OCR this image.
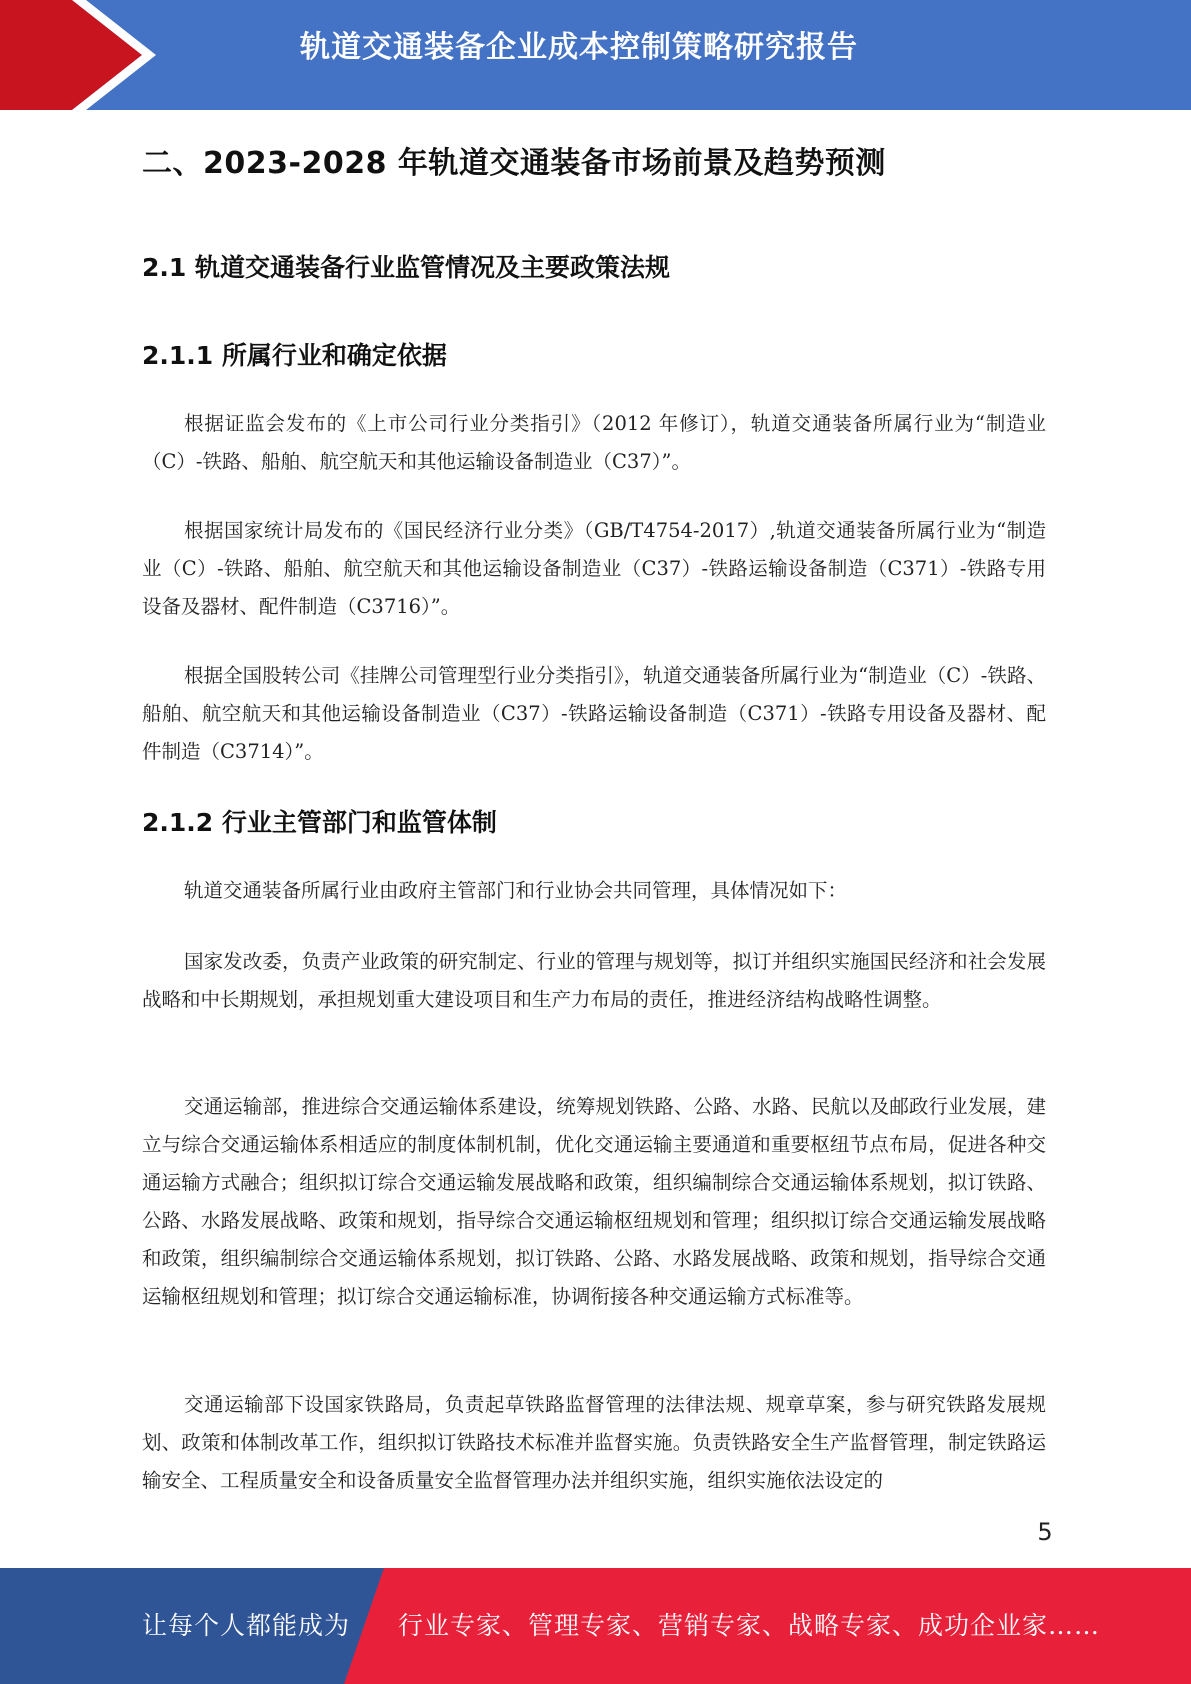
轨道交通装备企业成本控制策略研究报告
二、2023-2028 年轨道交通装备市场前景及趋势预测
2.1 轨道交通装备行业监管情况及主要政策法规
2.1.1 所属行业和确定依据
根据证监会发布的《上市公司行业分类指引》（2012 年修订），轨道交通装备所属行业为“制造业（C）-铁路、船舶、航空航天和其他运输设备制造业（C37）”。
根据国家统计局发布的《国民经济行业分类》（GB/T4754-2017）,轨道交通装备所属行业为“制造业（C）-铁路、船舶、航空航天和其他运输设备制造业（C37）-铁路运输设备制造（C371）-铁路专用设备及器材、配件制造（C3716）”。
根据全国股转公司《挂牌公司管理型行业分类指引》，轨道交通装备所属行业为“制造业（C）-铁路、船舶、航空航天和其他运输设备制造业（C37）-铁路运输设备制造（C371）-铁路专用设备及器材、配件制造（C3714）”。
2.1.2 行业主管部门和监管体制
轨道交通装备所属行业由政府主管部门和行业协会共同管理，具体情况如下：
国家发改委，负责产业政策的研究制定、行业的管理与规划等，拟订并组织实施国民经济和社会发展战略和中长期规划，承担规划重大建设项目和生产力布局的责任，推进经济结构战略性调整。
交通运输部，推进综合交通运输体系建设，统筹规划铁路、公路、水路、民航以及邮政行业发展，建立与综合交通运输体系相适应的制度体制机制，优化交通运输主要通道和重要枢纽节点布局，促进各种交通运输方式融合；组织拟订综合交通运输发展战略和政策，组织编制综合交通运输体系规划，拟订铁路、公路、水路发展战略、政策和规划，指导综合交通运输枢纽规划和管理；组织拟订综合交通运输发展战略和政策，组织编制综合交通运输体系规划，拟订铁路、公路、水路发展战略、政策和规划，指导综合交通运输枢纽规划和管理；拟订综合交通运输标准，协调衔接各种交通运输方式标准等。
交通运输部下设国家铁路局，负责起草铁路监督管理的法律法规、规章草案，参与研究铁路发展规划、政策和体制改革工作，组织拟订铁路技术标准并监督实施。负责铁路安全生产监督管理，制定铁路运输安全、工程质量安全和设备质量安全监督管理办法并组织实施，组织实施依法设定的
5
让每个人都能成为 行业专家、管理专家、营销专家、战略专家、成功企业家……
